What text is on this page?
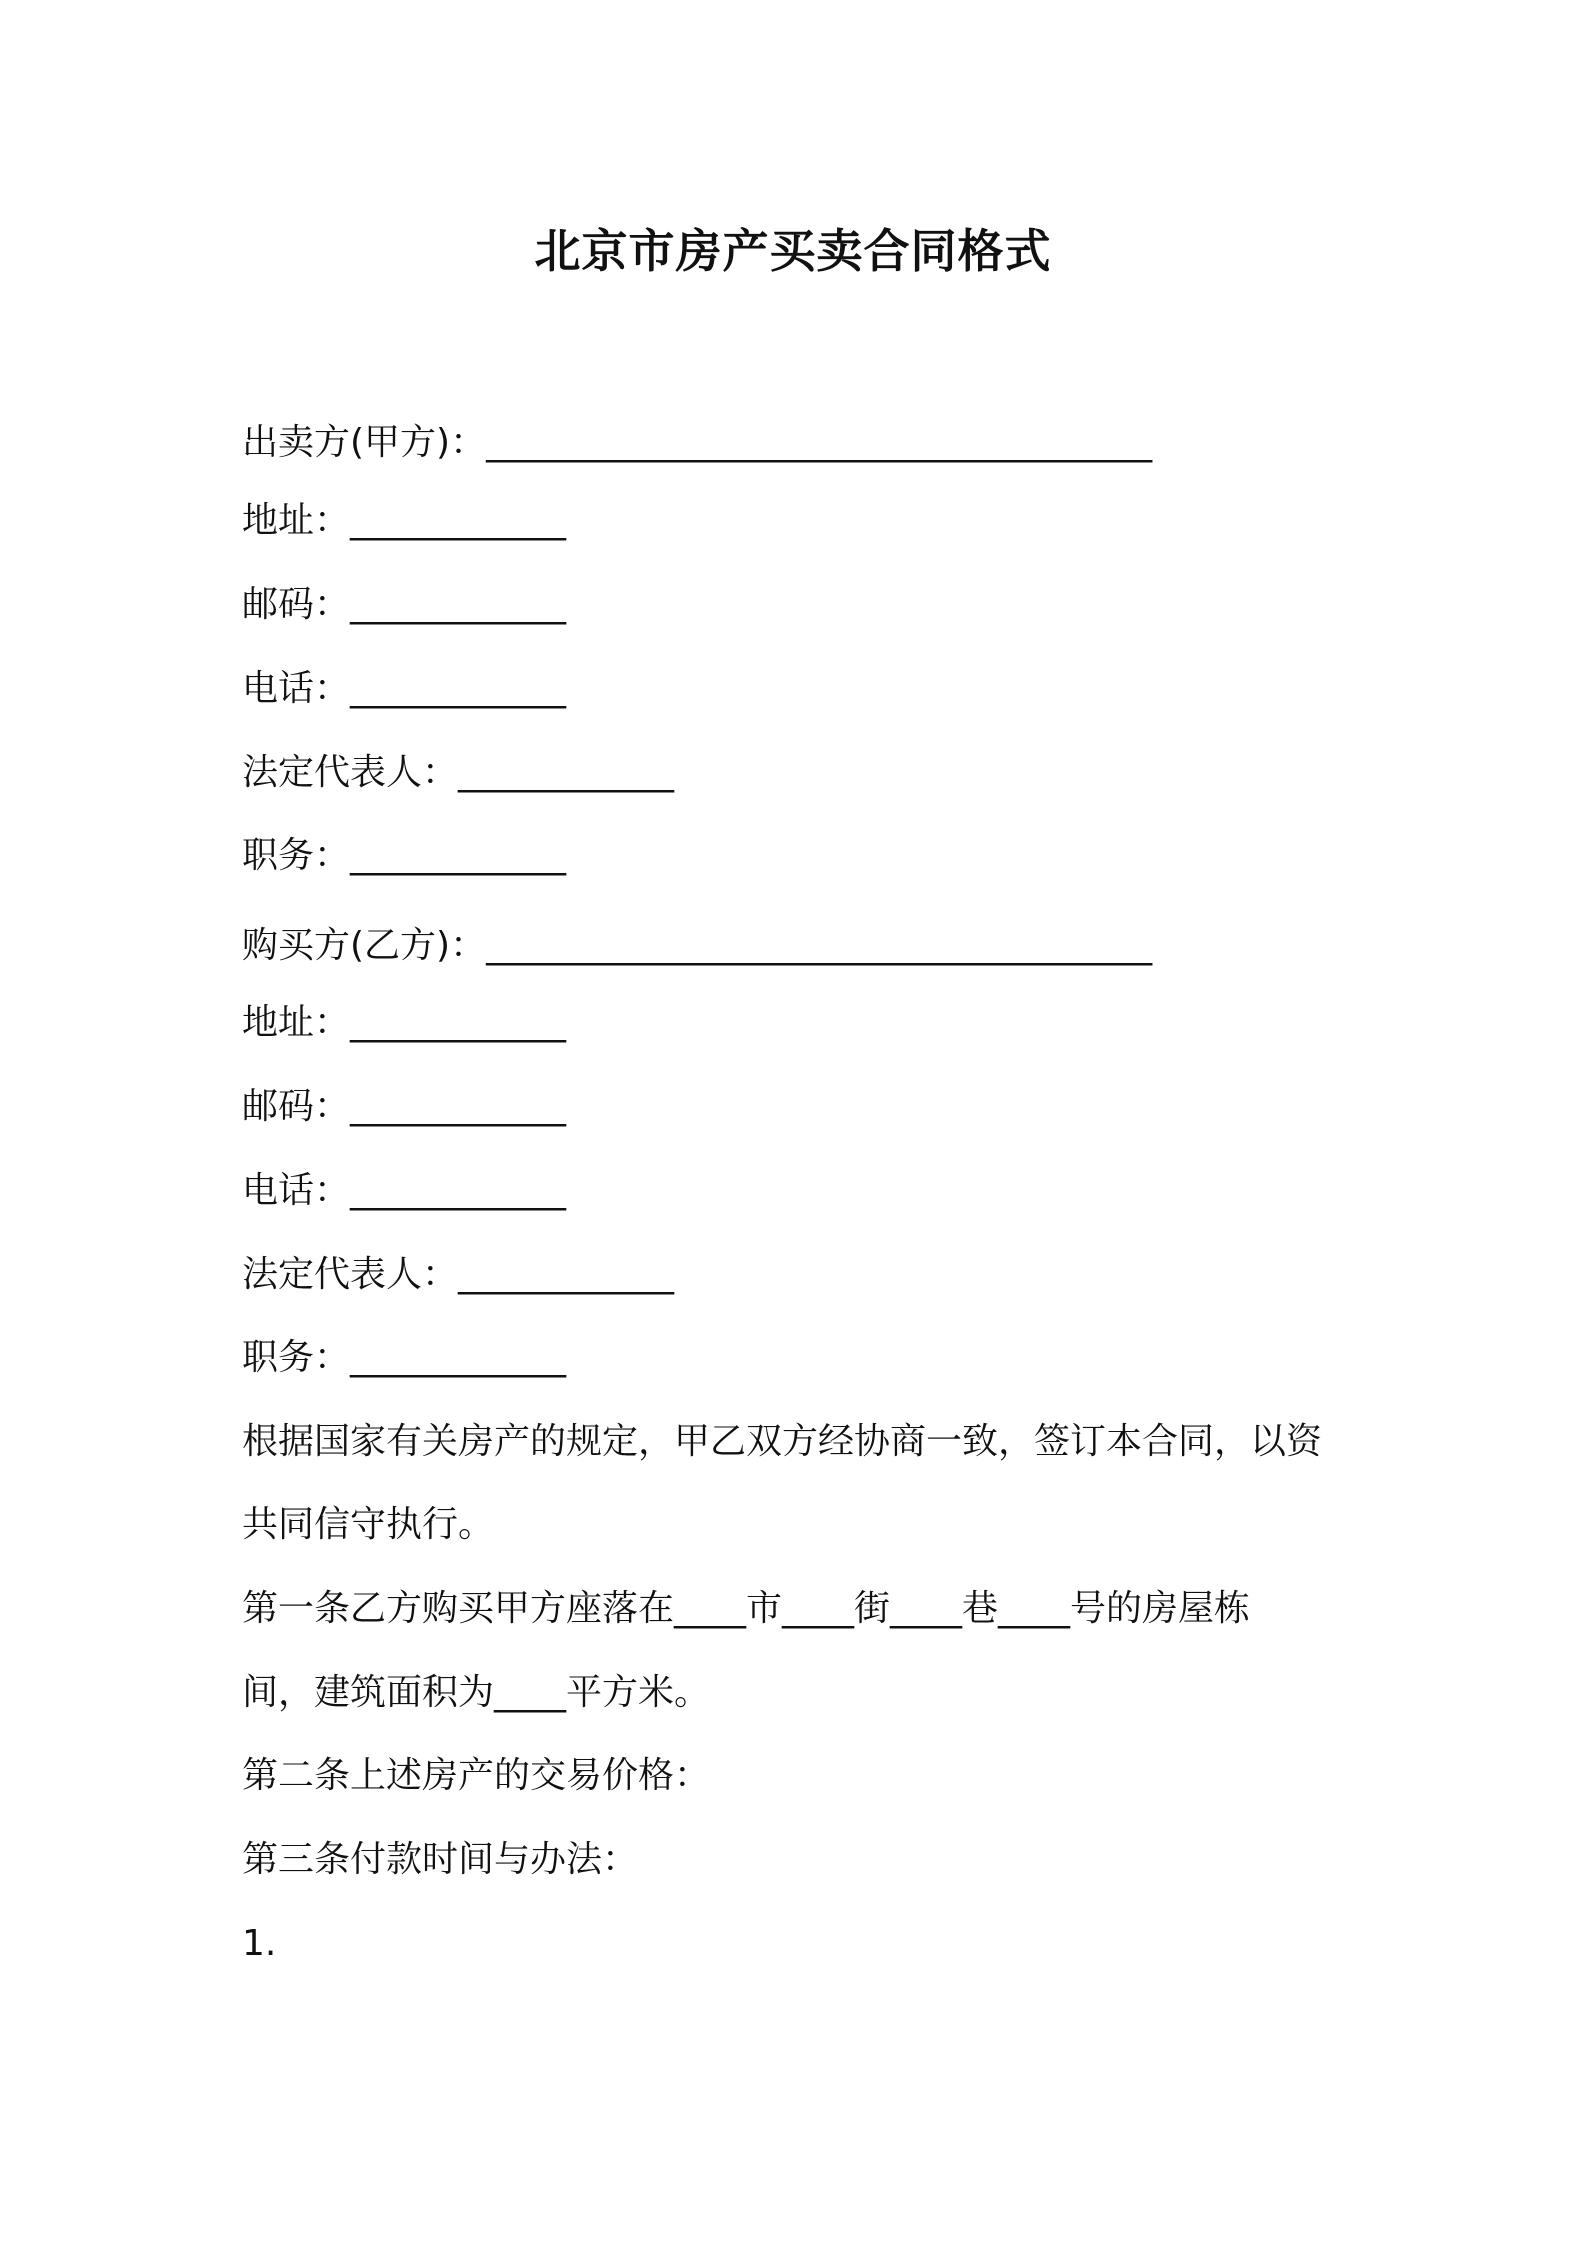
北京市房产买卖合同格式
出卖方(甲方)：_____________________________________
地址：____________
邮码：____________
电话：____________
法定代表人：____________
职务：____________
购买方(乙方)：_____________________________________
地址：____________
邮码：____________
电话：____________
法定代表人：____________
职务：____________
根据国家有关房产的规定，甲乙双方经协商一致，签订本合同，以资
共同信守执行。
第一条乙方购买甲方座落在____市____街____巷____号的房屋栋
间，建筑面积为____平方米。
第二条上述房产的交易价格：
第三条付款时间与办法：
1.
